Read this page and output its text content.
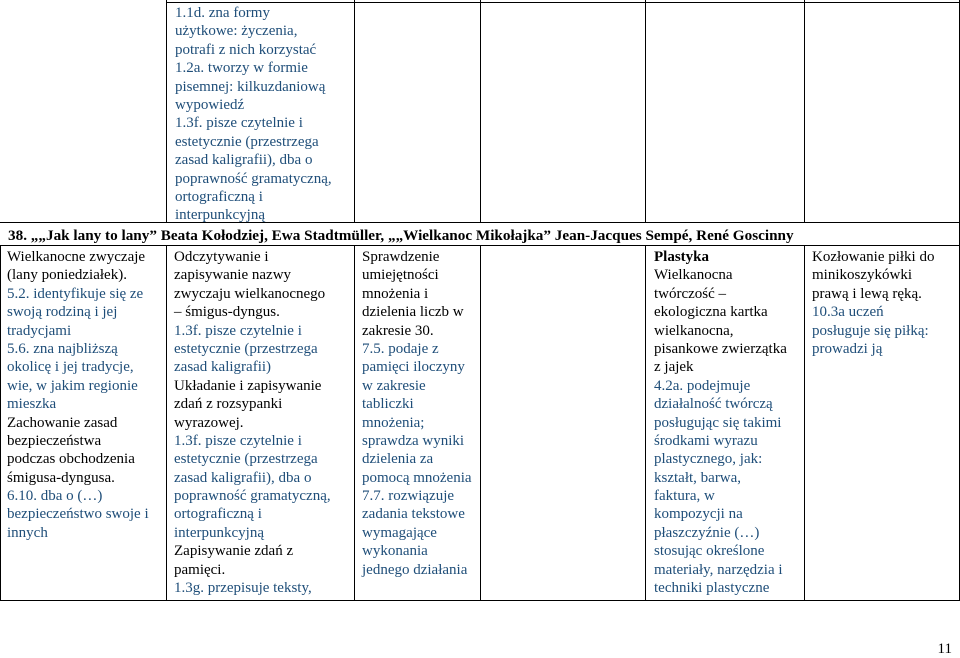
1.1d. zna formy
użytkowe: życzenia,
potrafi z nich korzystać
1.2a. tworzy w formie
pisemnej: kilkuzdaniową
wypowiedź
1.3f. pisze czytelnie i
estetycznie (przestrzega
zasad kaligrafii), dba o
poprawność gramatyczną,
ortograficzną i
interpunkcyjną
38. „„Jak lany to lany” Beata Kołodziej, Ewa Stadtmüller, „„Wielkanoc Mikołajka” Jean-Jacques Sempé, René Goscinny
Wielkanocne zwyczaje
(lany poniedziałek).
5.2. identyfikuje się ze
swoją rodziną i jej
tradycjami
5.6. zna najbliższą
okolicę i jej tradycje,
wie, w jakim regionie
mieszka
Zachowanie zasad
bezpieczeństwa
podczas obchodzenia
śmigusa-dyngusa.
6.10. dba o (…)
bezpieczeństwo swoje i
innych
Odczytywanie i
zapisywanie nazwy
zwyczaju wielkanocnego
– śmigus-dyngus.
1.3f. pisze czytelnie i
estetycznie (przestrzega
zasad kaligrafii)
Układanie i zapisywanie
zdań z rozsypanki
wyrazowej.
1.3f. pisze czytelnie i
estetycznie (przestrzega
zasad kaligrafii), dba o
poprawność gramatyczną,
ortograficzną i
interpunkcyjną
Zapisywanie zdań z
pamięci.
1.3g. przepisuje teksty,
Sprawdzenie
umiejętności
mnożenia i
dzielenia liczb w
zakresie 30.
7.5. podaje z
pamięci iloczyny
w zakresie
tabliczki
mnożenia;
sprawdza wyniki
dzielenia za
pomocą mnożenia
7.7. rozwiązuje
zadania tekstowe
wymagające
wykonania
jednego działania
Plastyka
Wielkanocna
twórczość –
ekologiczna kartka
wielkanocna,
pisankowe zwierzątka
z jajek
4.2a. podejmuje
działalność twórczą
posługując się takimi
środkami wyrazu
plastycznego, jak:
kształt, barwa,
faktura, w
kompozycji na
płaszczyźnie (…)
stosując określone
materiały, narzędzia i
techniki plastyczne
Kozłowanie piłki do
minikoszykówki
prawą i lewą ręką.
10.3a uczeń
posługuje się piłką:
prowadzi ją
11
